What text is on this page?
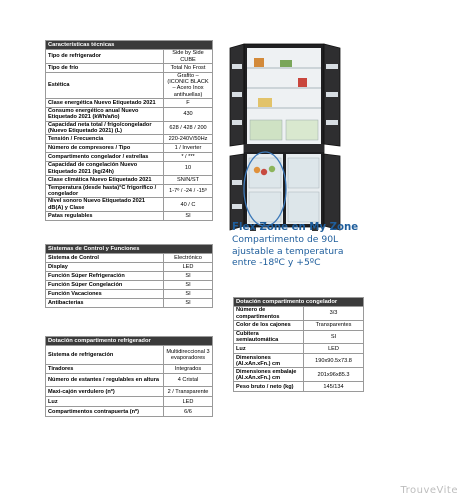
Características técnicas	
Tipo de refrigerador	Side by Side CUBE
Tipo de frío	Total No Frost
Estética	Grafito – (ICONIC BLACK – Acero Inox antihuellas)
Clase energética Nuevo Etiquetado 2021	F
Consumo energético anual Nuevo Etiquetado 2021 (kWh/año)	430
Capacidad neta total / frigo/congelador (Nuevo Etiquetado 2021) (L)	628 / 428 / 200
Tensión / Frecuencia	220-240V/50Hz
Número de compresores / Tipo	1 / Inverter
Compartimento congelador / estrellas	* / ***
Capacidad de congelación Nuevo Etiquetado 2021 (kg/24h)	10
Clase climática Nuevo Etiquetado 2021	SN/N/ST
Temperatura (desde hasta)°C frigorífico / congelador	1-7º / -24 / -15º
Nivel sonoro Nuevo Etiquetado 2021 dB(A) y Clase	40 / C
Patas regulables	SI
Sistemas de Control y Funciones	
Sistema de Control	Electrónico
Display	LED
Función Súper Refrigeración	SI
Función Súper Congelación	SI
Función Vacaciones	SI
Antibacterias	SI
Dotación compartimento refrigerador	
Sistema de refrigeración	Multidireccional 3 evaporadores
Tiradores	Integrados
Número de estantes / regulables en altura	4 Cristal
Maxi-cajón verdulero (nº)	2 / Transparente
Luz	LED
Compartimentos contrapuerta (nº)	6/6
Dotación compartimento congelador	
Número de compartimentos	3/3
Color de los cajones	Transparentes
Cubitera semiautomática	SI
Luz	LED
Dimensiones (Al.xAn.xFn.) cm	190x90.5x73.8
Dimensiones embalaje (Al.xAn.xFn.) cm	201x96x85.3
Peso bruto / neto (kg)	145/134

Flex Zone en My Zone

Compartimento de 90L

ajustable a temperatura

entre -18ºC y +5ºC

TrouveVite
